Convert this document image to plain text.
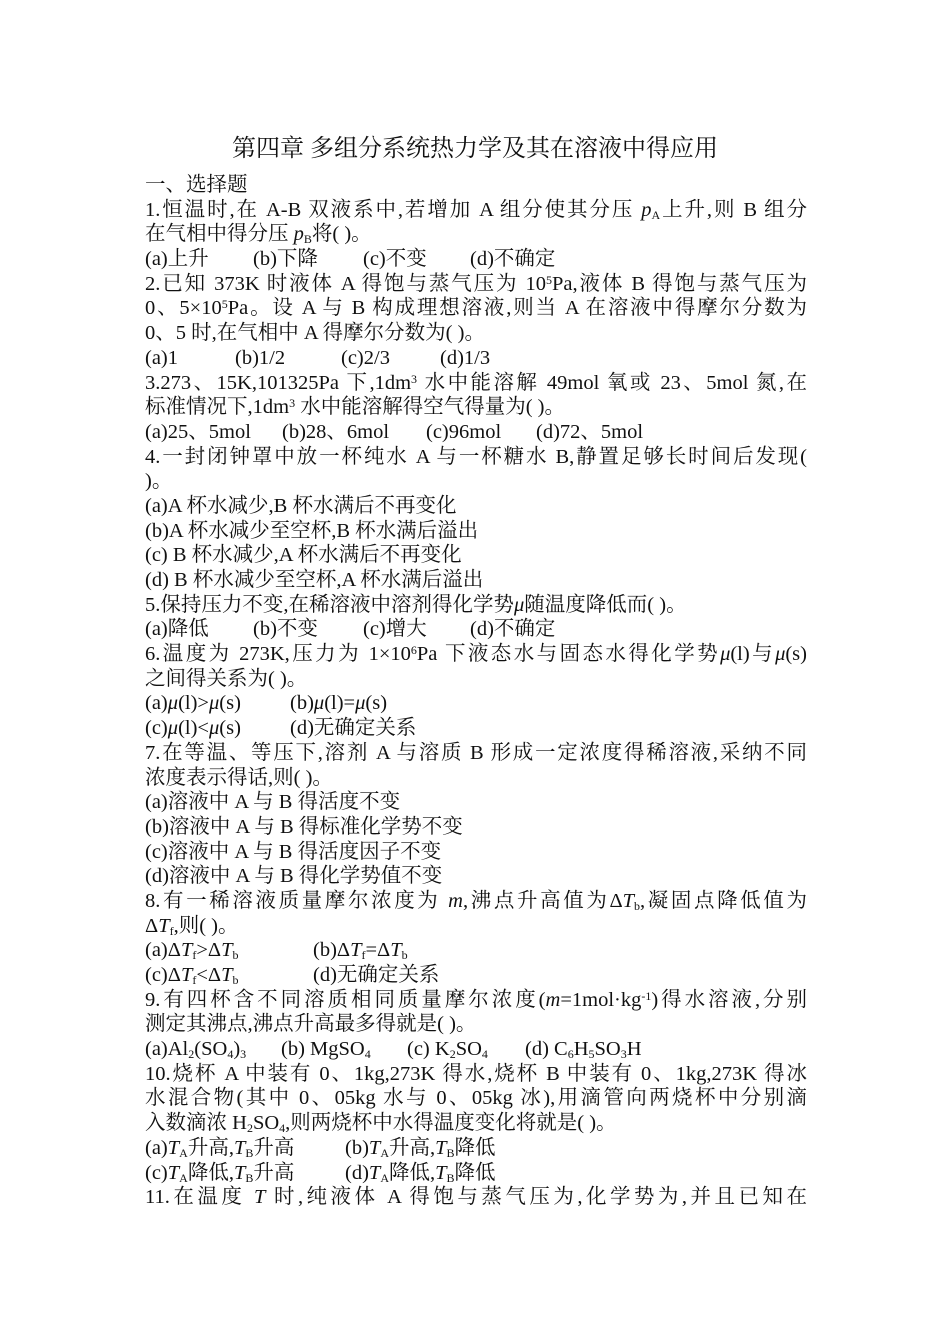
第四章 多组分系统热力学及其在溶液中得应用
一、选择题
1.恒温时,在 A-B 双液系中,若增加 A 组分使其分压 $p_A$上升,则 B 组分
在气相中得分压 $p_B$将( )。
(a)上升 (b)下降 (c)不变 (d)不确定
2.已知 373K 时液体 A 得饱与蒸气压为 $10^5Pa$,液体 B 得饱与蒸气压为
0、$5\times 10^5Pa$。设 A 与 B 构成理想溶液,则当 A 在溶液中得摩尔分数为
0、5 时,在气相中 A 得摩尔分数为( )。
(a)1	(b)1/2	(c)2/3 (d)1/3
3.273、15K,101325Pa 下$,1dm^3$ 水中能溶解 49mol 氧或 23、5mol 氮,在
标准情况下$,1dm^3$ 水中能溶解得空气得量为( )。
(a)25、5mol (b)28、6mol (c)96mol (d)72、5mol
4.一封闭钟罩中放一杯纯水 A 与一杯糖水 B,静置足够长时间后发现(
)。
(a)A 杯水减少,B 杯水满后不再变化
(b)A 杯水减少至空杯,B 杯水满后溢出
(c) B 杯水减少,A 杯水满后不再变化
(d) B 杯水减少至空杯,A 杯水满后溢出
5.保持压力不变,在稀溶液中溶剂得化学势μ随温度降低而( )。
(a)降低 (b)不变 (c)增大 (d)不确定
6.温度为 273K,压力为 $1\times 10^6Pa$ 下液态水与固态水得化学势μ(l)与μ(s)
之间得关系为( )。
(a)μ(l)>μ(s) (b)μ(l)=μ(s)
(c)μ(l)<μ(s) (d)无确定关系
7.在等温、等压下,溶剂 A 与溶质 B 形成一定浓度得稀溶液,采纳不同
浓度表示得话,则( )。
(a)溶液中 A 与 B 得活度不变
(b)溶液中 A 与 B 得标准化学势不变
(c)溶液中 A 与 B 得活度因子不变
(d)溶液中 A 与 B 得化学势值不变
8.有一稀溶液质量摩尔浓度为 m,沸点升高值为$\Delta T_b$,凝固点降低值为
$\Delta T_f$,则( )。
$(a)\Delta T_f>\Delta T_b$	$(b)\Delta T_f=\Delta T_b$
$(c)\Delta T_f<\Delta T_b$	(d)无确定关系
9.有四杯含不同溶质相同质量摩尔浓度$(m=1mol\cdot kg^{-1})$得水溶液,分别
测定其沸点,沸点升高最多得就是( )。
$(a)Al_2(SO_4)_3$ (b) MgSO$_4$ (c) $K_2SO_4$ (d) $C_6H_5SO_3H$
10.烧杯 A 中装有 0、1kg,273K 得水,烧杯 B 中装有 0、1kg,273K 得冰
水混合物(其中 0、05kg 水与 0、05kg 冰),用滴管向两烧杯中分别滴
入数滴浓 $H_2SO_4$,则两烧杯中水得温度变化将就是( )。
$(a)T_A$升高$,T_B$升高 $(b)T_A$升高$,T_B$降低
$(c)T_A$降低$,T_B$升高 $(d)T_A$降低$,T_B$降低
11.在温度 T 时,纯液体 A 得饱与蒸气压为,化学势为,并且已知在
